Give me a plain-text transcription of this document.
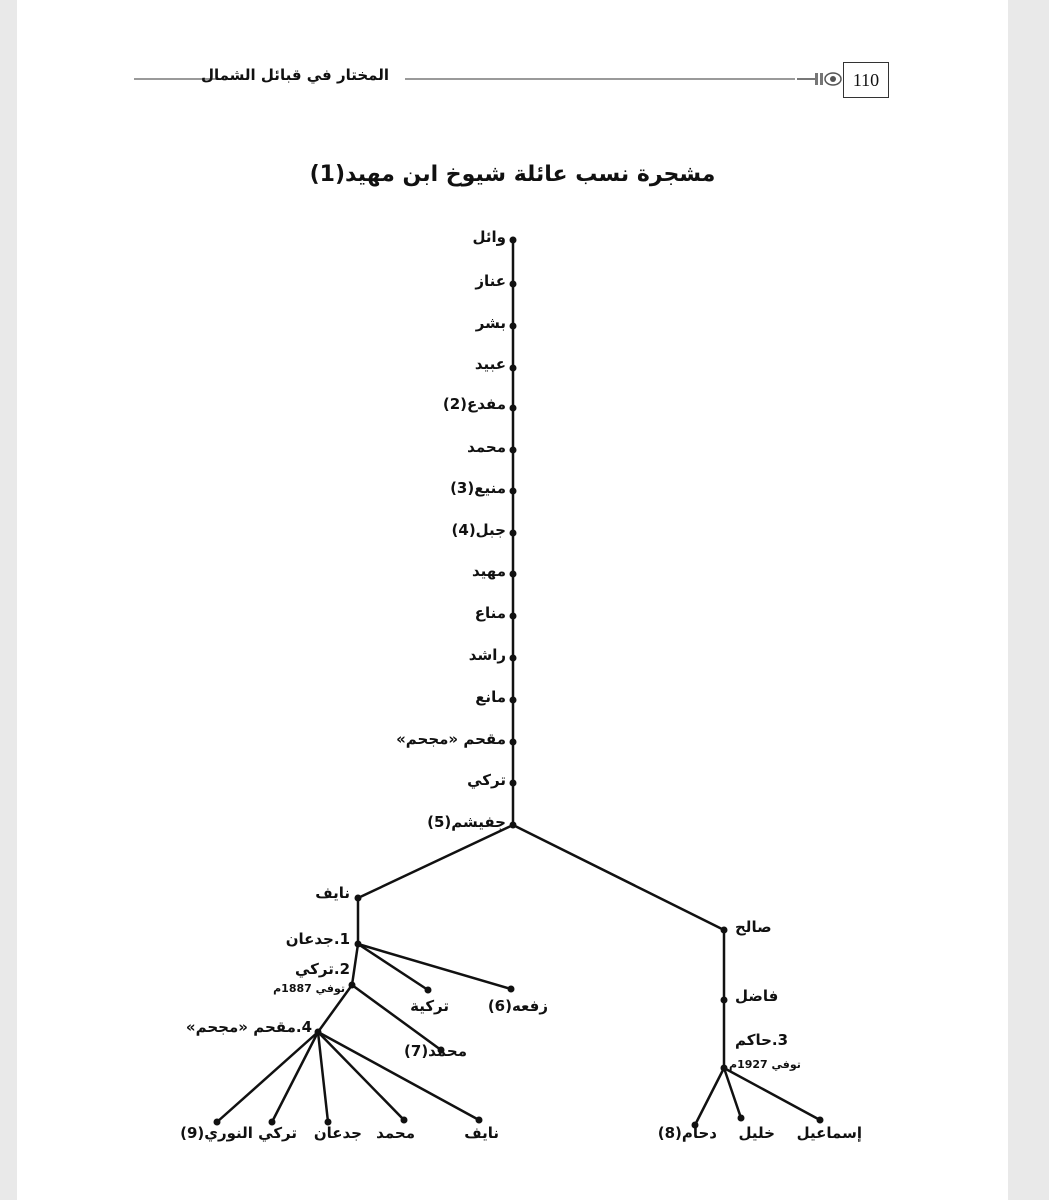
المختار في قبائل الشمال	110
مشجرة نسب عائلة شيوخ ابن مهيد(1)
وائل
عناز
بشر
عبيد
مفدع(2)
محمد
منيع(3)
جبل(4)
مهيد
مناع
راشد
مانع
مقحم «مجحم»
تركي
جفيشم(5)
نايف
1.جدعان
2.تركي
توفي 1887م
تركية	زفعه(6)
محمد(7)
4.مقحم «مجحم»
نايف
محمد
جدعان
تركي النوري(9)
صالح
فاضل
3.حاكم
توفي 1927م
إسماعيل
خليل
دحام(8)
